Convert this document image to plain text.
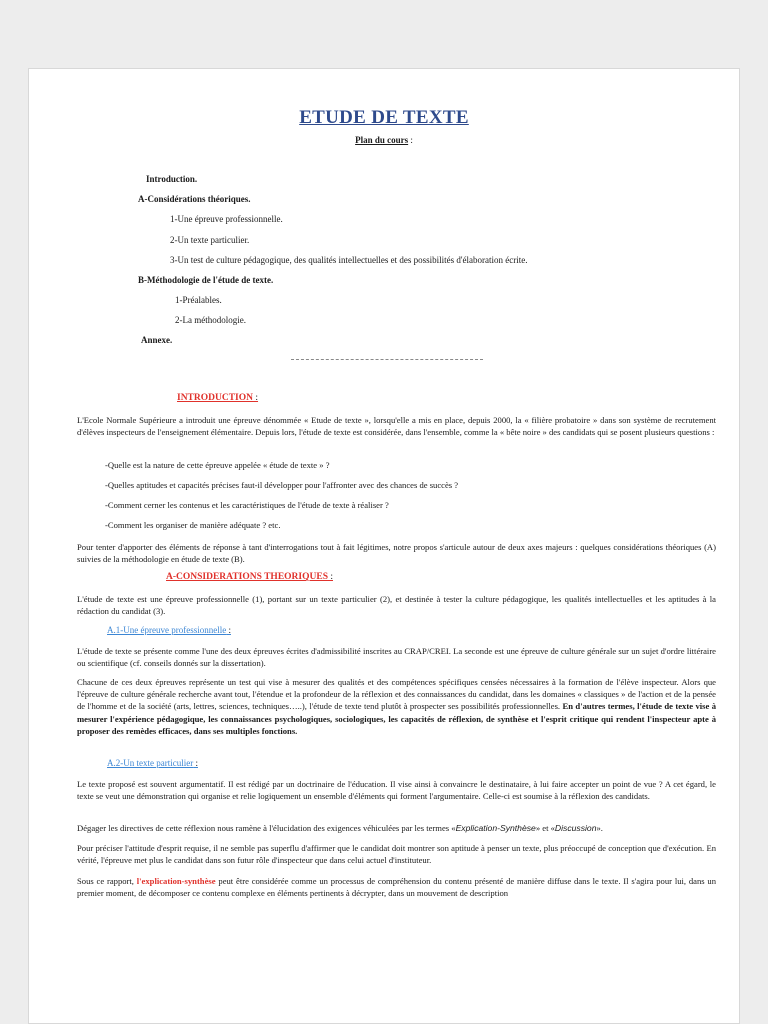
ETUDE DE TEXTE
Plan du cours :
Introduction.
A-Considérations théoriques.
1-Une épreuve professionnelle.
2-Un texte particulier.
3-Un test de culture pédagogique, des qualités intellectuelles et des possibilités d'élaboration écrite.
B-Méthodologie de l'étude de texte.
1-Préalables.
2-La méthodologie.
Annexe.
INTRODUCTION :
L'Ecole Normale Supérieure a introduit une épreuve dénommée « Etude de texte », lorsqu'elle a mis en place, depuis 2000, la « filière probatoire » dans son système de recrutement d'élèves inspecteurs de l'enseignement élémentaire. Depuis lors, l'étude de texte est considérée, dans l'ensemble, comme la « bête noire » des candidats qui se posent plusieurs questions :
-Quelle est la nature de cette épreuve appelée « étude de texte » ?
-Quelles aptitudes et capacités précises faut-il développer pour l'affronter avec des chances de succès ?
-Comment cerner les contenus et les caractéristiques de l'étude de texte à réaliser ?
-Comment les organiser de manière adéquate ? etc.
Pour tenter d'apporter des éléments de réponse à tant d'interrogations tout à fait légitimes, notre propos s'articule autour de deux axes majeurs : quelques considérations théoriques (A) suivies de la méthodologie en étude de texte (B).
A-CONSIDERATIONS THEORIQUES :
L'étude de texte est une épreuve professionnelle (1), portant sur un texte particulier (2), et destinée à tester la culture pédagogique, les qualités intellectuelles et les aptitudes à la rédaction du candidat (3).
A.1-Une épreuve professionnelle :
L'étude de texte se présente comme l'une des deux épreuves écrites d'admissibilité inscrites au CRAP/CREI. La seconde est une épreuve de culture générale sur un sujet d'ordre littéraire ou scientifique (cf. conseils donnés sur la dissertation).
Chacune de ces deux épreuves représente un test qui vise à mesurer des qualités et des compétences spécifiques censées nécessaires à la formation de l'élève inspecteur. Alors que l'épreuve de culture générale recherche avant tout, l'étendue et la profondeur de la réflexion et des connaissances du candidat, dans les domaines « classiques » de l'action et de la pensée de l'homme et de la société (arts, lettres, sciences, techniques…..), l'étude de texte tend plutôt à prospecter ses possibilités professionnelles. En d'autres termes, l'étude de texte vise à mesurer l'expérience pédagogique, les connaissances psychologiques, sociologiques, les capacités de réflexion, de synthèse et l'esprit critique qui rendent l'inspecteur apte à proposer des remèdes efficaces, dans ses multiples fonctions.
A.2-Un texte particulier :
Le texte proposé est souvent argumentatif. Il est rédigé par un doctrinaire de l'éducation. Il vise ainsi à convaincre le destinataire, à lui faire accepter un point de vue ? A cet égard, le texte se veut une démonstration qui organise et relie logiquement un ensemble d'éléments qui forment l'argumentaire. Celle-ci est soumise à la réflexion des candidats.
Dégager les directives de cette réflexion nous ramène à l'élucidation des exigences véhiculées par les termes «Explication-Synthèse» et «Discussion».
Pour préciser l'attitude d'esprit requise, il ne semble pas superflu d'affirmer que le candidat doit montrer son aptitude à penser un texte, plus préoccupé de conception que d'exécution. En vérité, l'épreuve met plus le candidat dans son futur rôle d'inspecteur que dans celui actuel d'instituteur.
Sous ce rapport, l'explication-synthèse peut être considérée comme un processus de compréhension du contenu présenté de manière diffuse dans le texte. Il s'agira pour lui, dans un premier moment, de décomposer ce contenu complexe en éléments pertinents à décrypter, dans un mouvement de description
